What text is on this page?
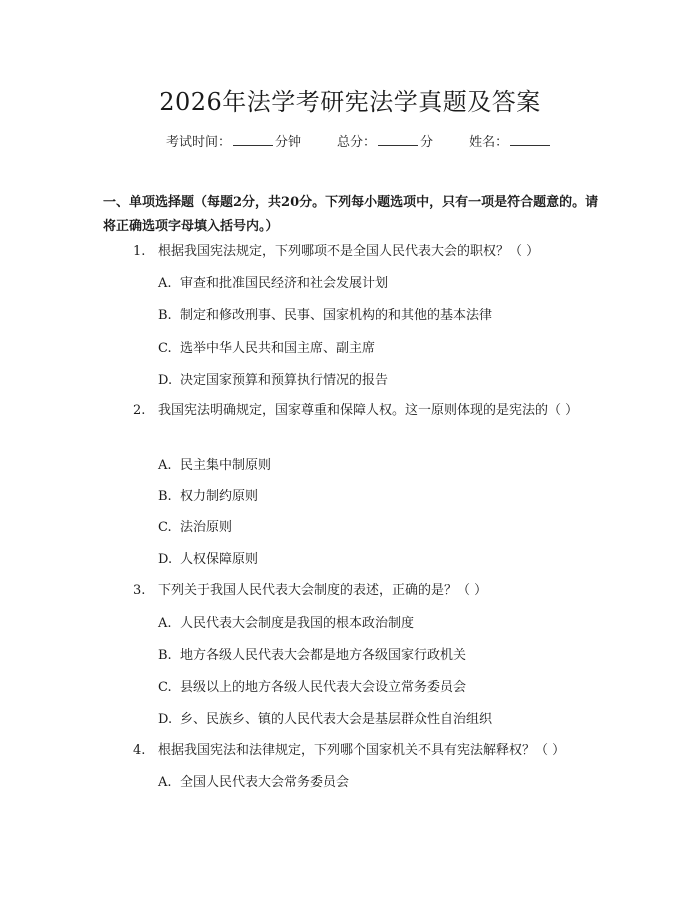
2026年法学考研宪法学真题及答案
考试时间：	分钟	总分：	分	姓名：
一、单项选择题（每题2分，共20分。下列每小题选项中，只有一项是符合题意的。请将正确选项字母填入括号内。）
1. 根据我国宪法规定，下列哪项不是全国人民代表大会的职权？（ ）
A. 审查和批准国民经济和社会发展计划
B. 制定和修改刑事、民事、国家机构的和其他的基本法律
C. 选举中华人民共和国主席、副主席
D. 决定国家预算和预算执行情况的报告
2. 我国宪法明确规定，国家尊重和保障人权。这一原则体现的是宪法的（ ）
A. 民主集中制原则
B. 权力制约原则
C. 法治原则
D. 人权保障原则
3. 下列关于我国人民代表大会制度的表述，正确的是？（ ）
A. 人民代表大会制度是我国的根本政治制度
B. 地方各级人民代表大会都是地方各级国家行政机关
C. 县级以上的地方各级人民代表大会设立常务委员会
D. 乡、民族乡、镇的人民代表大会是基层群众性自治组织
4. 根据我国宪法和法律规定，下列哪个国家机关不具有宪法解释权？（ ）
A. 全国人民代表大会常务委员会
